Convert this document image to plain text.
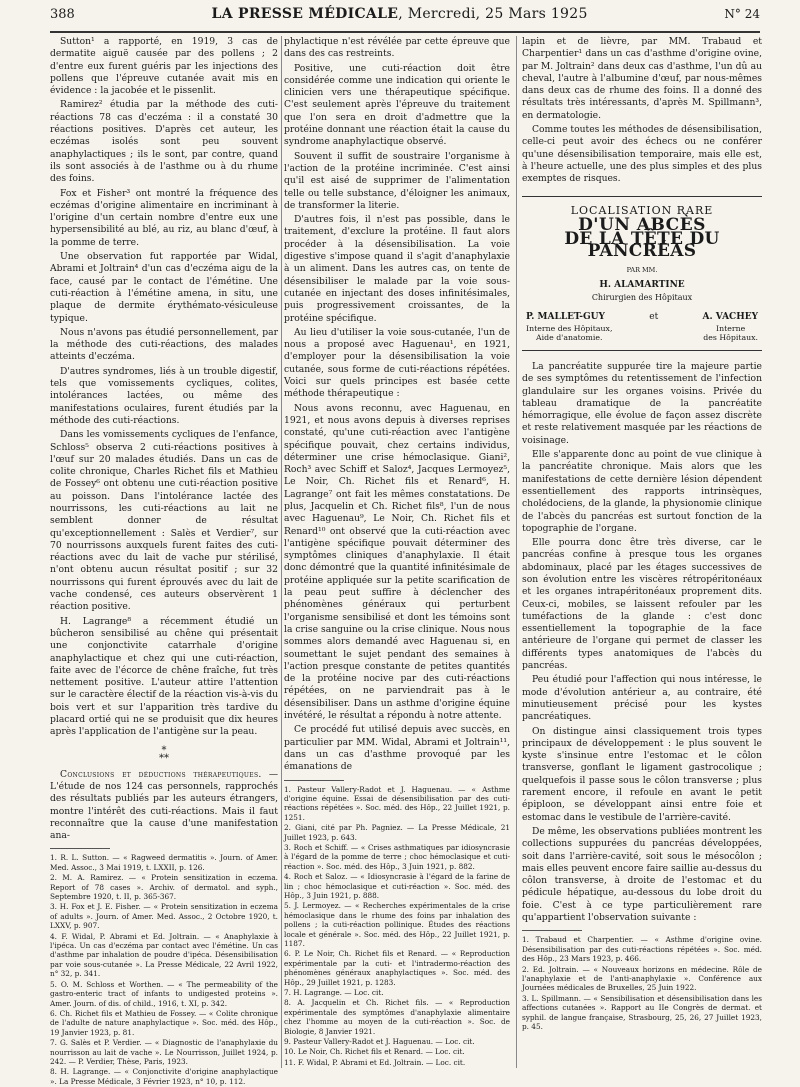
388	LA PRESSE MÉDICALE, Mercredi, 25 Mars 1925	N° 24

Sutton¹ a rapporté, en 1919, 3 cas de dermatite aiguë causée par des pollens ; 2 d'entre eux furent guéris par les injections des pollens que l'épreuve cutanée avait mis en évidence : la jacobée et le pissenlit.

Ramirez² étudia par la méthode des cuti-réactions 78 cas d'eczéma : il a constaté 30 réactions positives. D'après cet auteur, les eczémas isolés sont peu souvent anaphylactiques ; ils le sont, par contre, quand ils sont associés à de l'asthme ou à du rhume des foins.

Fox et Fisher³ ont montré la fréquence des eczémas d'origine alimentaire en incriminant à l'origine d'un certain nombre d'entre eux une hypersensibilité au blé, au riz, au blanc d'œuf, à la pomme de terre.

Une observation fut rapportée par Widal, Abrami et Joltrain⁴ d'un cas d'eczéma aigu de la face, causé par le contact de l'émétine. Une cuti-réaction à l'émétine amena, in situ, une plaque de dermite érythémato-vésiculeuse typique.

Nous n'avons pas étudié personnellement, par la méthode des cuti-réactions, des malades atteints d'eczéma.

D'autres syndromes, liés à un trouble digestif, tels que vomissements cycliques, colites, intolérances lactées, ou même des manifestations oculaires, furent étudiés par la méthode des cuti-réactions.

Dans les vomissements cycliques de l'enfance, Schloss⁵ observa 2 cuti-réactions positives à l'œuf sur 20 malades étudiés. Dans un cas de colite chronique, Charles Richet fils et Mathieu de Fossey⁶ ont obtenu une cuti-réaction positive au poisson. Dans l'intolérance lactée des nourrissons, les cuti-réactions au lait ne semblent donner de résultat qu'exceptionnellement : Salès et Verdier⁷, sur 70 nourrissons auxquels furent faites des cuti-réactions avec du lait de vache pur stérilisé, n'ont obtenu aucun résultat positif ; sur 32 nourrissons qui furent éprouvés avec du lait de vache condensé, ces auteurs observèrent 1 réaction positive.

H. Lagrange⁸ a récemment étudié un bûcheron sensibilisé au chêne qui présentait une conjonctivite catarrhale d'origine anaphylactique et chez qui une cuti-réaction, faite avec de l'écorce de chêne fraîche, fut très nettement positive. L'auteur attire l'attention sur le caractère électif de la réaction vis-à-vis du bois vert et sur l'apparition très tardive du placard ortié qui ne se produisit que dix heures après l'application de l'antigène sur la peau.

*
**

Conclusions et déductions thérapeutiques. — L'étude de nos 124 cas personnels, rapprochés des résultats publiés par les auteurs étrangers, montre l'intérêt des cuti-réactions. Mais il faut reconnaître que la cause d'une manifestation ana-

1. R. L. Sutton. — « Ragweed dermatitis ». Journ. of Amer. Med. Assoc., 3 Mai 1919, t. LXXII, p. 126.
2. M. A. Ramirez. — « Protein sensitization in eczema. Report of 78 cases ». Archiv. of dermatol. and syph., Septembre 1920, t. II, p. 365-367.
3. H. Fox et J. E. Fisher. — « Protein sensitization in eczema of adults ». Journ. of Amer. Med. Assoc., 2 Octobre 1920, t. LXXV, p. 907.
4. F. Widal, P. Abrami et Ed. Joltrain. — « Anaphylaxie à l'ipéca. Un cas d'eczéma par contact avec l'émétine. Un cas d'asthme par inhalation de poudre d'ipéca. Désensibilisation par voie sous-cutanée ». La Presse Médicale, 22 Avril 1922, n° 32, p. 341.
5. O. M. Schloss et Worthen. — « The permeability of the gastro-enteric tract of infants to undigested proteins ». Amer. Journ. of dis. of child., 1916, t. XI, p. 342.
6. Ch. Richet fils et Mathieu de Fossey. — « Colite chronique de l'adulte de nature anaphylactique ». Soc. méd. des Hôp., 19 Janvier 1923, p. 81.
7. G. Salès et P. Verdier. — « Diagnostic de l'anaphylaxie du nourrisson au lait de vache ». Le Nourrisson, Juillet 1924, p. 242. — P. Verdier, Thèse, Paris, 1923.
8. H. Lagrange. — « Conjonctivite d'origine anaphylactique ». La Presse Médicale, 3 Février 1923, n° 10, p. 112.

phylactique n'est révélée par cette épreuve que dans des cas restreints.

Positive, une cuti-réaction doit être considérée comme une indication qui oriente le clinicien vers une thérapeutique spécifique. C'est seulement après l'épreuve du traitement que l'on sera en droit d'admettre que la protéine donnant une réaction était la cause du syndrome anaphylactique observé.

Souvent il suffit de soustraire l'organisme à l'action de la protéine incriminée. C'est ainsi qu'il est aisé de supprimer de l'alimentation telle ou telle substance, d'éloigner les animaux, de transformer la literie.

D'autres fois, il n'est pas possible, dans le traitement, d'exclure la protéine. Il faut alors procéder à la désensibilisation. La voie digestive s'impose quand il s'agit d'anaphylaxie à un aliment. Dans les autres cas, on tente de désensibiliser le malade par la voie sous-cutanée en injectant des doses infinitésimales, puis progressivement croissantes, de la protéine spécifique.

Au lieu d'utiliser la voie sous-cutanée, l'un de nous a proposé avec Haguenau¹, en 1921, d'employer pour la désensibilisation la voie cutanée, sous forme de cuti-réactions répétées. Voici sur quels principes est basée cette méthode thérapeutique :

Nous avons reconnu, avec Haguenau, en 1921, et nous avons depuis à diverses reprises constaté, qu'une cuti-réaction avec l'antigène spécifique pouvait, chez certains individus, déterminer une crise hémoclasique. Giani², Roch³ avec Schiff et Saloz⁴, Jacques Lermoyez⁵, Le Noir, Ch. Richet fils et Renard⁶, H. Lagrange⁷ ont fait les mêmes constatations. De plus, Jacquelin et Ch. Richet fils⁸, l'un de nous avec Haguenau⁹, Le Noir, Ch. Richet fils et Renard¹⁰ ont observé que la cuti-réaction avec l'antigène spécifique pouvait déterminer des symptômes cliniques d'anaphylaxie. Il était donc démontré que la quantité infinitésimale de protéine appliquée sur la petite scarification de la peau peut suffire à déclencher des phénomènes généraux qui perturbent l'organisme sensibilisé et dont les témoins sont la crise sanguine ou la crise clinique. Nous nous sommes alors demandé avec Haguenau si, en soumettant le sujet pendant des semaines à l'action presque constante de petites quantités de la protéine nocive par des cuti-réactions répétées, on ne parviendrait pas à le désensibiliser. Dans un asthme d'origine équine invétéré, le résultat a répondu à notre attente.

Ce procédé fut utilisé depuis avec succès, en particulier par MM. Widal, Abrami et Joltrain¹¹, dans un cas d'asthme provoqué par les émanations de

1. Pasteur Vallery-Radot et J. Haguenau. — « Asthme d'origine équine. Essai de désensibilisation par des cuti-réactions répétées ». Soc. méd. des Hôp., 22 Juillet 1921, p. 1251.
2. Giani, cité par Ph. Pagniez. — La Presse Médicale, 21 Juillet 1923, p. 643.
3. Roch et Schiff. — « Crises asthmatiques par idiosyncrasie à l'égard de la pomme de terre ; choc hémoclasique et cuti-réaction ». Soc. méd. des Hôp., 3 Juin 1921, p. 882.
4. Roch et Saloz. — « Idiosyncrasie à l'égard de la farine de lin ; choc hémoclasique et cuti-réaction ». Soc. méd. des Hôp., 3 Juin 1921, p. 888.
5. J. Lermoyez. — « Recherches expérimentales de la crise hémoclasique dans le rhume des foins par inhalation des pollens ; la cuti-réaction pollinique. Études des réactions locale et générale ». Soc. méd. des Hôp., 22 Juillet 1921, p. 1187.
6. P. Le Noir, Ch. Richet fils et Renard. — « Reproduction expérimentale par la cuti- et l'intradermo-réaction des phénomènes généraux anaphylactiques ». Soc. méd. des Hôp., 29 Juillet 1921, p. 1283.
7. H. Lagrange. — Loc. cit.
8. A. Jacquelin et Ch. Richet fils. — « Reproduction expérimentale des symptômes d'anaphylaxie alimentaire chez l'homme au moyen de la cuti-réaction ». Soc. de Biologie, 8 Janvier 1921.
9. Pasteur Vallery-Radot et J. Haguenau. — Loc. cit.
10. Le Noir, Ch. Richet fils et Renard. — Loc. cit.
11. F. Widal, P. Abrami et Ed. Joltrain. — Loc. cit.

lapin et de lièvre, par MM. Trabaud et Charpentier¹ dans un cas d'asthme d'origine ovine, par M. Joltrain² dans deux cas d'asthme, l'un dû au cheval, l'autre à l'albumine d'œuf, par nous-mêmes dans deux cas de rhume des foins. Il a donné des résultats très intéressants, d'après M. Spillmann³, en dermatologie.

Comme toutes les méthodes de désensibilisation, celle-ci peut avoir des échecs ou ne conférer qu'une désensibilisation temporaire, mais elle est, à l'heure actuelle, une des plus simples et des plus exemptes de risques.

LOCALISATION RARE
D'UN ABCÈS
DE LA TÊTE DU PANCRÉAS
PAR MM.
H. ALAMARTINE
Chirurgien des Hôpitaux
P. MALLET-GUY	et	A. VACHEY
Interne des Hôpitaux,
Aide d'anatomie.
Interne
des Hôpitaux.

La pancréatite suppurée tire la majeure partie de ses symptômes du retentissement de l'infection glandulaire sur les organes voisins. Privée du tableau dramatique de la pancréatite hémorragique, elle évolue de façon assez discrète et reste relativement masquée par les réactions de voisinage.

Elle s'apparente donc au point de vue clinique à la pancréatite chronique. Mais alors que les manifestations de cette dernière lésion dépendent essentiellement des rapports intrinsèques, cholédociens, de la glande, la physionomie clinique de l'abcès du pancréas est surtout fonction de la topographie de l'organe.

Elle pourra donc être très diverse, car le pancréas confine à presque tous les organes abdominaux, placé par les étages successives de son évolution entre les viscères rétropéritonéaux et les organes intrapéritonéaux proprement dits. Ceux-ci, mobiles, se laissent refouler par les tuméfactions de la glande : c'est donc essentiellement la topographie de la face antérieure de l'organe qui permet de classer les différents types anatomiques de l'abcès du pancréas.

Peu étudié pour l'affection qui nous intéresse, le mode d'évolution antérieur a, au contraire, été minutieusement précisé pour les kystes pancréatiques.

On distingue ainsi classiquement trois types principaux de développement : le plus souvent le kyste s'insinue entre l'estomac et le côlon transverse, gonflant le ligament gastrocolique ; quelquefois il passe sous le côlon transverse ; plus rarement encore, il refoule en avant le petit épiploon, se développant ainsi entre foie et estomac dans le vestibule de l'arrière-cavité.

De même, les observations publiées montrent les collections suppurées du pancréas développées, soit dans l'arrière-cavité, soit sous le mésocôlon ; mais elles peuvent encore faire saillie au-dessus du côlon transverse, à droite de l'estomac et du pédicule hépatique, au-dessous du lobe droit du foie. C'est à ce type particulièrement rare qu'appartient l'observation suivante :

1. Trabaud et Charpentier. — « Asthme d'origine ovine. Désensibilisation par des cuti-réactions répétées ». Soc. méd. des Hôp., 23 Mars 1923, p. 466.
2. Ed. Joltrain. — « Nouveaux horizons en médecine. Rôle de l'anaphylaxie et de l'anti-anaphylaxie ». Conférence aux Journées médicales de Bruxelles, 25 Juin 1922.
3. L. Spillmann. — « Sensibilisation et désensibilisation dans les affections cutanées ». Rapport au IIe Congrès de dermat. et syphil. de langue française, Strasbourg, 25, 26, 27 Juillet 1923, p. 45.
